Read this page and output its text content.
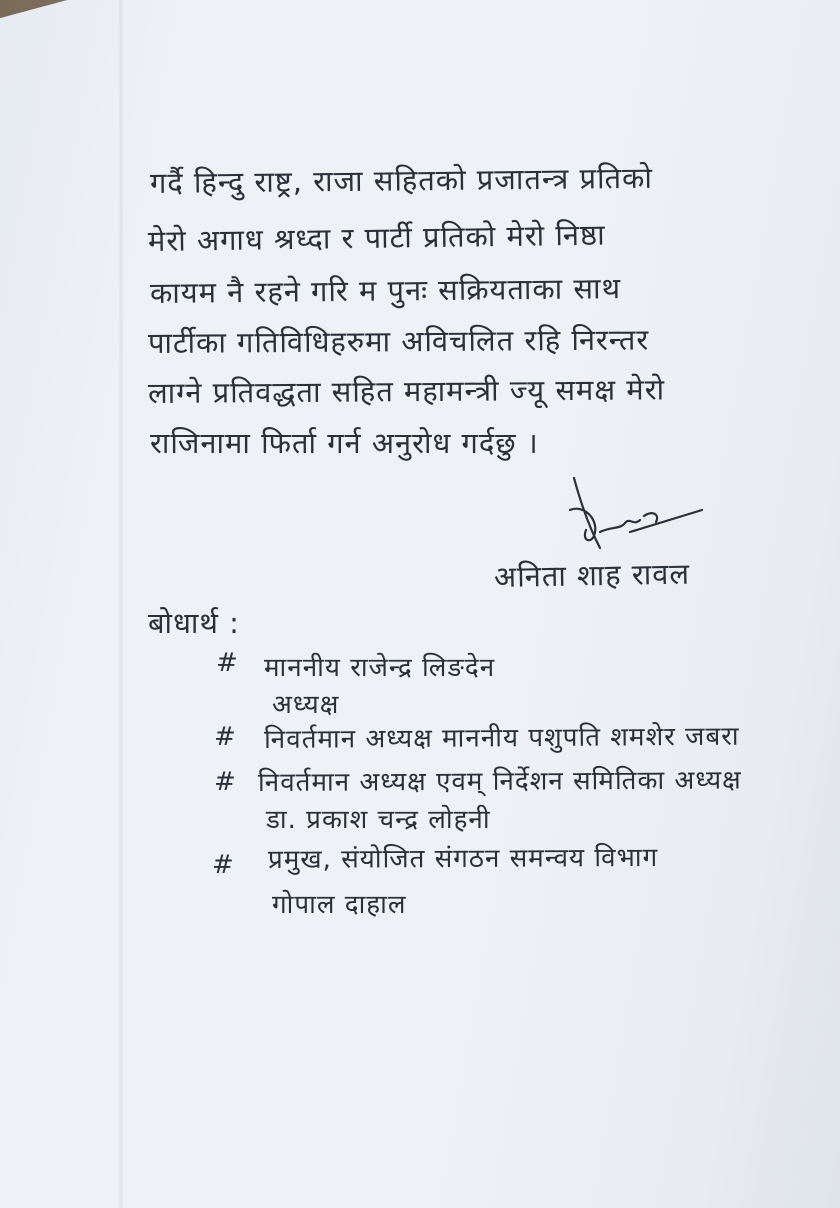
गर्दै हिन्दु राष्ट्र, राजा सहितको प्रजातन्त्र प्रतिको
मेरो अगाध श्रध्दा र पार्टी प्रतिको मेरो निष्ठा
कायम नै रहने गरि म पुनः सक्रियताका साथ
पार्टीका गतिविधिहरुमा अविचलित रहि निरन्तर
लाग्ने प्रतिवद्धता सहित महामन्त्री ज्यू समक्ष मेरो
राजिनामा फिर्ता गर्न अनुरोध गर्दछु ।
अनिता शाह रावल
बोधार्थ :
# माननीय राजेन्द्र लिङदेन
अध्यक्ष
# निवर्तमान अध्यक्ष माननीय पशुपति शमशेर जबरा
# निवर्तमान अध्यक्ष एवम् निर्देशन समितिका अध्यक्ष
डा. प्रकाश चन्द्र लोहनी
# प्रमुख, संयोजित संगठन समन्वय विभाग
गोपाल दाहाल
